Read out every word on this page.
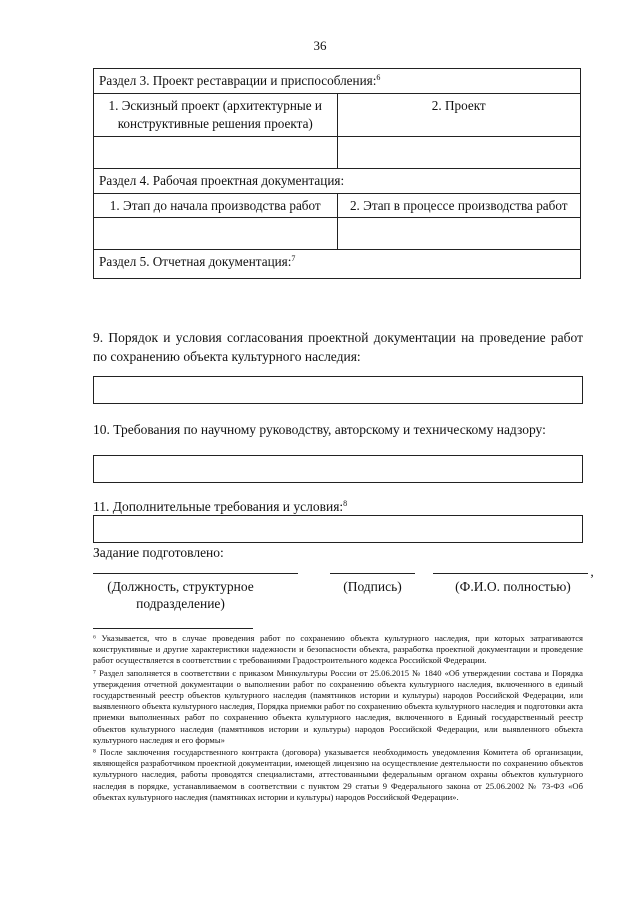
36
Раздел 3. Проект реставрации и приспособления:$^6$
1. Эскизный проект (архитектурные и конструктивные решения проекта)	2. Проект

Раздел 4. Рабочая проектная документация:	
1. Этап до начала производства работ	2. Этап в процессе производства работ

Раздел 5. Отчетная документация:$^7$
9. Порядок и условия согласования проектной документации на проведение работ по сохранению объекта культурного наследия:
10. Требования по научному руководству, авторскому и техническому надзору:
11. Дополнительные требования и условия:$^8$
Задание подготовлено:
,
(Должность, структурное подразделение)
(Подпись)	(Ф.И.О. полностью)

⁶ Указывается, что в случае проведения работ по сохранению объекта культурного наследия, при которых затрагиваются конструктивные и другие характеристики надежности и безопасности объекта, разработка проектной документации и проведение работ осуществляется в соответствии с требованиями Градостроительного кодекса Российской Федерации.

⁷ Раздел заполняется в соответствии с приказом Минкультуры России от 25.06.2015 № 1840 «Об утверждении состава и Порядка утверждения отчетной документации о выполнении работ по сохранению объекта культурного наследия, включенного в единый государственный реестр объектов культурного наследия (памятников истории и культуры) народов Российской Федерации, или выявленного объекта культурного наследия, Порядка приемки работ по сохранению объекта культурного наследия и подготовки акта приемки выполненных работ по сохранению объекта культурного наследия, включенного в Единый государственный реестр объектов культурного наследия (памятников истории и культуры) народов Российской Федерации, или выявленного объекта культурного наследия и его формы»

⁸ После заключения государственного контракта (договора) указывается необходимость уведомления Комитета об организации, являющейся разработчиком проектной документации, имеющей лицензию на осуществление деятельности по сохранению объектов культурного наследия, работы проводятся специалистами, аттестованными федеральным органом охраны объектов культурного наследия в порядке, устанавливаемом в соответствии с пунктом 29 статьи 9 Федерального закона от 25.06.2002 № 73-ФЗ «Об объектах культурного наследия (памятниках истории и культуры) народов Российской Федерации».
